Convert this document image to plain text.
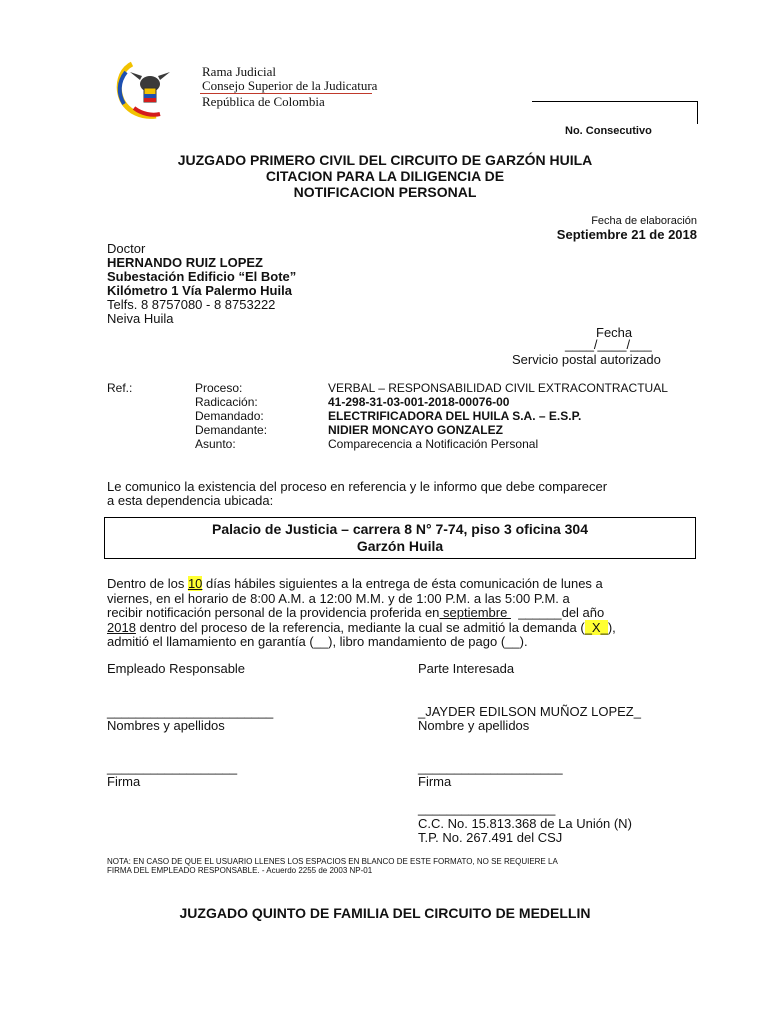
Rama Judicial
Consejo Superior de la Judicatura
República de Colombia
No. Consecutivo
JUZGADO PRIMERO CIVIL DEL CIRCUITO DE GARZÓN HUILA
CITACION PARA LA DILIGENCIA DE
NOTIFICACION PERSONAL
Fecha de elaboración
Septiembre 21 de 2018
Doctor
HERNANDO RUIZ LOPEZ
Subestación Edificio “El Bote”
Kilómetro 1 Vía Palermo Huila
Telfs. 8 8757080 - 8 8753222
Neiva Huila
Fecha
____/____/___
Servicio postal autorizado
Ref.:	Proceso:	VERBAL – RESPONSABILIDAD CIVIL EXTRACONTRACTUAL
Radicación:	41-298-31-03-001-2018-00076-00
Demandado:	ELECTRIFICADORA DEL HUILA S.A. – E.S.P.
Demandante:	NIDIER MONCAYO GONZALEZ
Asunto:	Comparecencia a Notificación Personal
Le comunico la existencia del proceso en referencia y le informo que debe comparecer
a esta dependencia ubicada:
Palacio de Justicia – carrera 8 N° 7-74, piso 3 oficina 304
Garzón Huila
Dentro de los 10 días hábiles siguientes a la entrega de ésta comunicación de lunes a
viernes, en el horario de 8:00 A.M. a 12:00 M.M. y de 1:00 P.M. a las 5:00 P.M. a
recibir notificación personal de la providencia proferida en septiembre   ______del año
2018 dentro del proceso de la referencia, mediante la cual se admitió la demanda (_X_),
admitió el llamamiento en garantía (__), libro mandamiento de pago (__).
Empleado Responsable	Parte Interesada
_______________________	_JAYDER EDILSON MUÑOZ LOPEZ_
Nombres y apellidos	Nombre y apellidos
__________________	____________________
Firma	Firma
___________________
C.C. No. 15.813.368 de La Unión (N)
T.P. No. 267.491 del CSJ
NOTA: EN CASO DE QUE EL USUARIO LLENES LOS ESPACIOS EN BLANCO DE ESTE FORMATO, NO SE REQUIERE LA
FIRMA DEL EMPLEADO RESPONSABLE. - Acuerdo 2255 de 2003 NP-01
JUZGADO QUINTO DE FAMILIA DEL CIRCUITO DE MEDELLIN
